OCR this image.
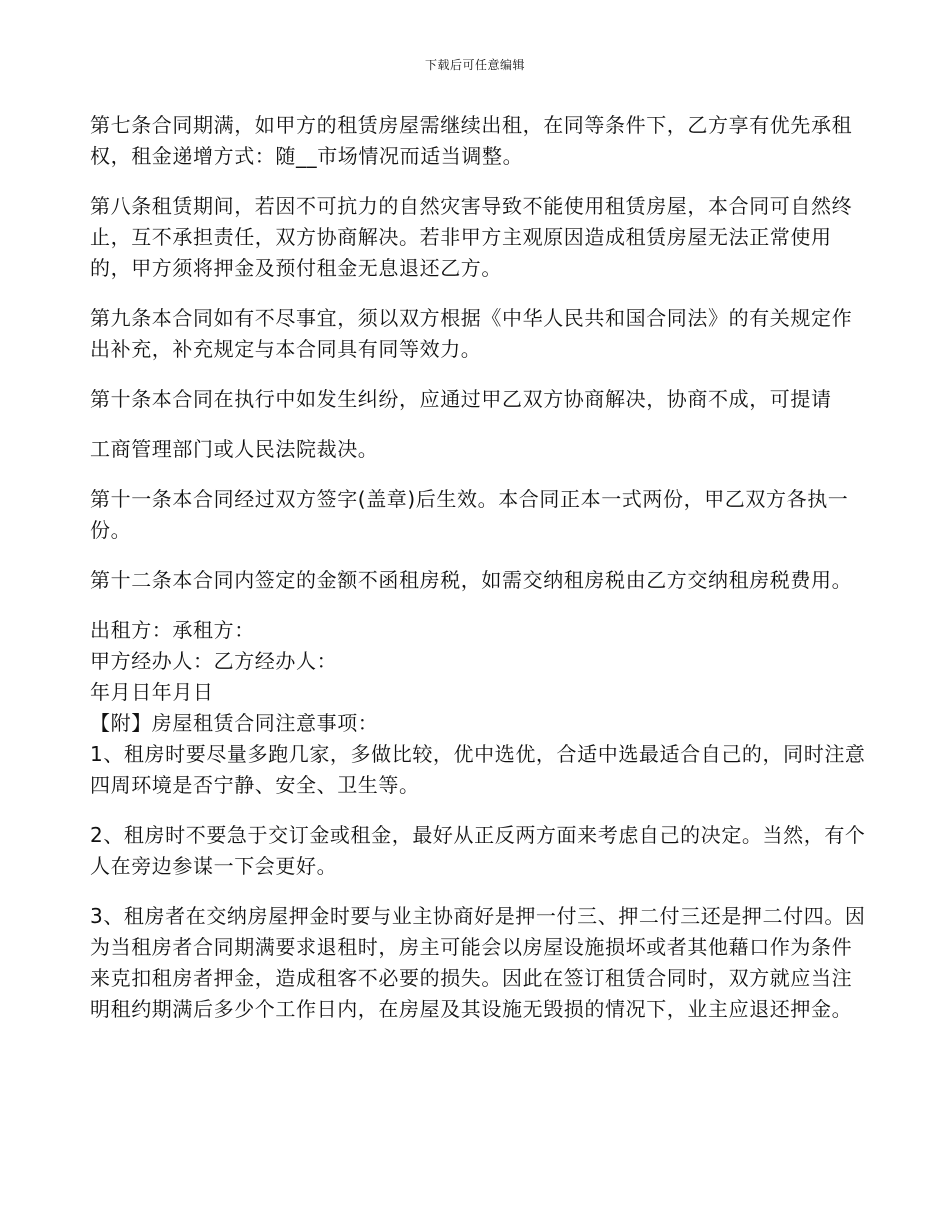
下载后可任意编辑

第七条合同期满，如甲方的租赁房屋需继续出租，在同等条件下，乙方享有优先承租权，租金递增方式：随__市场情况而适当调整。

第八条租赁期间，若因不可抗力的自然灾害导致不能使用租赁房屋，本合同可自然终止，互不承担责任，双方协商解决。若非甲方主观原因造成租赁房屋无法正常使用的，甲方须将押金及预付租金无息退还乙方。

第九条本合同如有不尽事宜，须以双方根据《中华人民共和国合同法》的有关规定作出补充，补充规定与本合同具有同等效力。

第十条本合同在执行中如发生纠纷，应通过甲乙双方协商解决，协商不成，可提请

工商管理部门或人民法院裁决。

第十一条本合同经过双方签字(盖章)后生效。本合同正本一式两份，甲乙双方各执一份。

第十二条本合同内签定的金额不函租房税，如需交纳租房税由乙方交纳租房税费用。

出租方：承租方：

甲方经办人：乙方经办人：

年月日年月日

【附】房屋租赁合同注意事项：

1、租房时要尽量多跑几家，多做比较，优中选优，合适中选最适合自己的，同时注意四周环境是否宁静、安全、卫生等。

2、租房时不要急于交订金或租金，最好从正反两方面来考虑自己的决定。当然，有个人在旁边参谋一下会更好。

3、租房者在交纳房屋押金时要与业主协商好是押一付三、押二付三还是押二付四。因为当租房者合同期满要求退租时，房主可能会以房屋设施损坏或者其他藉口作为条件来克扣租房者押金，造成租客不必要的损失。因此在签订租赁合同时，双方就应当注明租约期满后多少个工作日内，在房屋及其设施无毁损的情况下，业主应退还押金。
